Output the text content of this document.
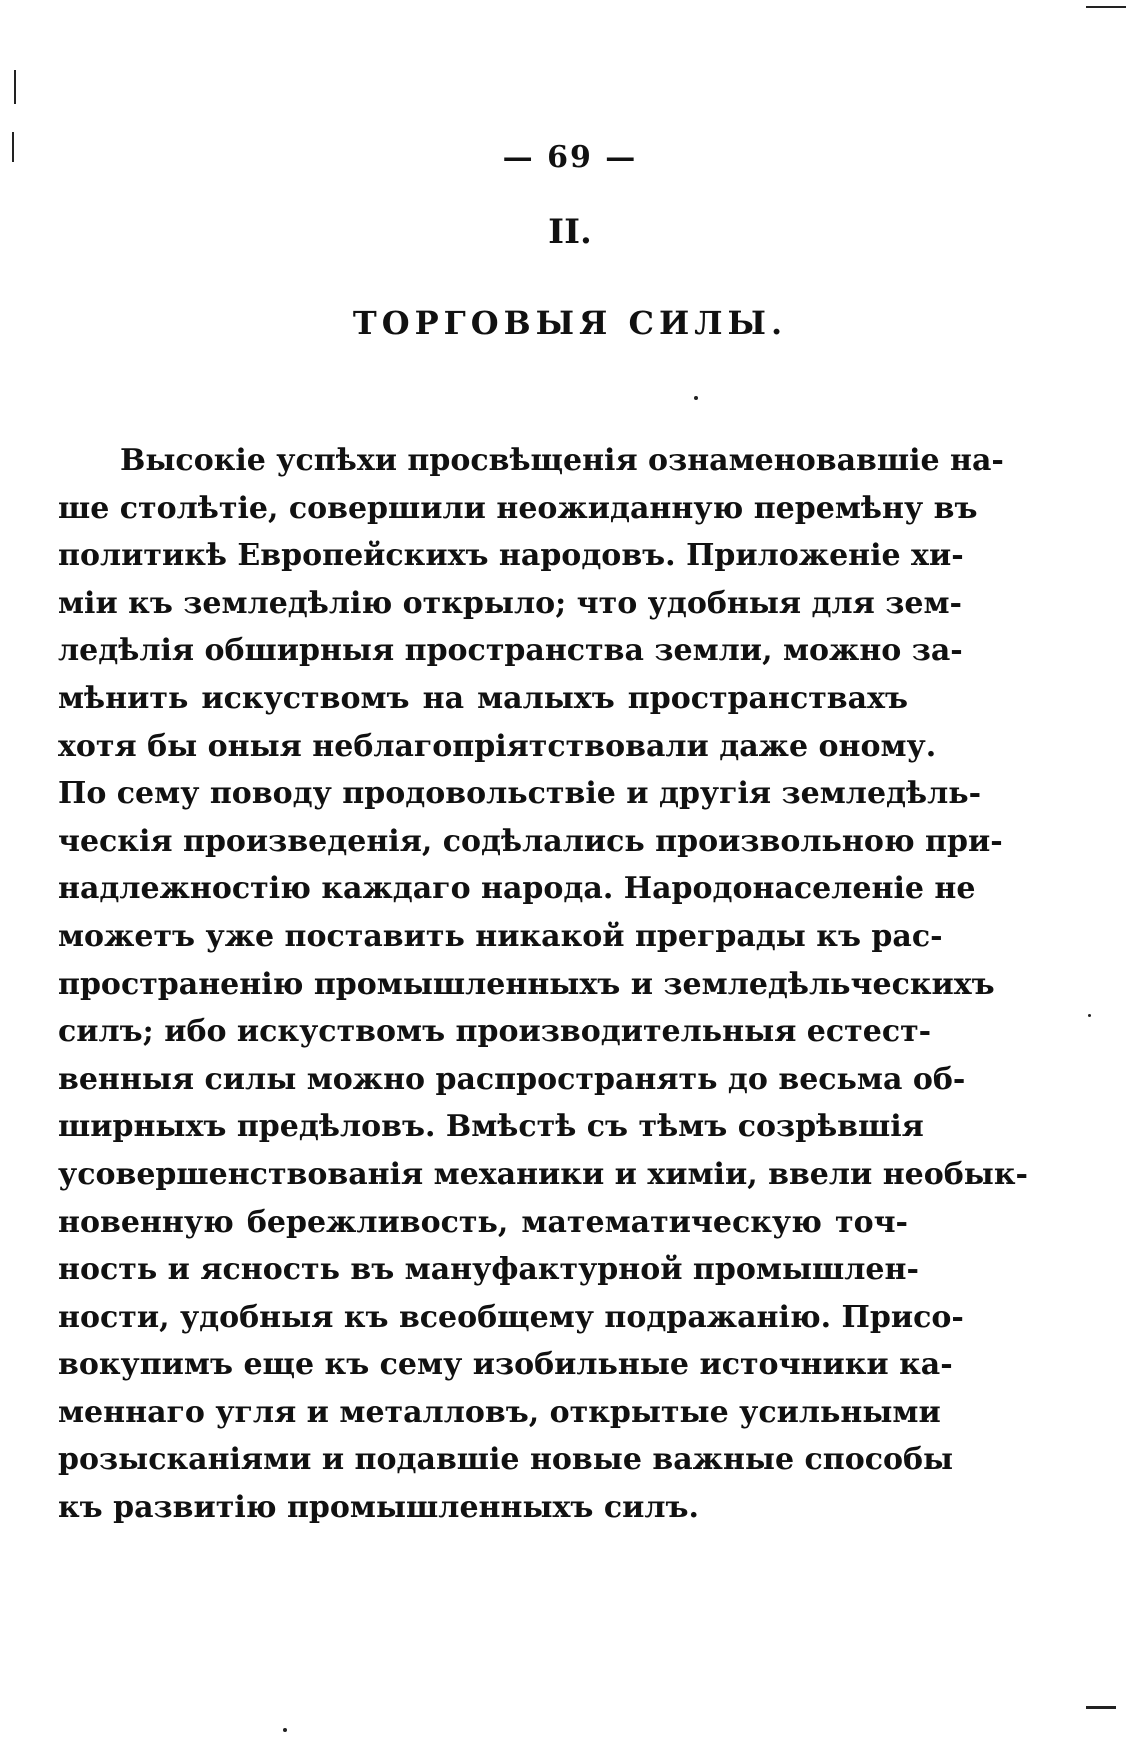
— 69 —
II.
ТОРГОВЫЯ СИЛЫ.
Высокіе успѣхи просвѣщенія ознаменовавшіе на-
ше столѣтіе, совершили неожиданную перемѣну въ
политикѣ Европейскихъ народовъ. Приложеніе хи-
міи къ земледѣлію открыло; что удобныя для зем-
ледѣлія обширныя пространства земли, можно за-
мѣнить искуствомъ на малыхъ пространствахъ
хотя бы оныя неблагопріятствовали даже оному.
По сему поводу продовольствіе и другія земледѣль-
ческія произведенія, содѣлались произвольною при-
надлежностію каждаго народа. Народонаселеніе не
можетъ уже поставить никакой преграды къ рас-
пространенію промышленныхъ и земледѣльческихъ
силъ; ибо искуствомъ производительныя естест-
венныя силы можно распространять до весьма об-
ширныхъ предѣловъ. Вмѣстѣ съ тѣмъ созрѣвшія
усовершенствованія механики и химіи, ввели необык-
новенную бережливость, математическую точ-
ность и ясность въ мануфактурной промышлен-
ности, удобныя къ всеобщему подражанію. Присо-
вокупимъ еще къ сему изобильные источники ка-
меннаго угля и металловъ, открытые усильными
розысканіями и подавшіе новые важные способы
къ развитію промышленныхъ силъ.
